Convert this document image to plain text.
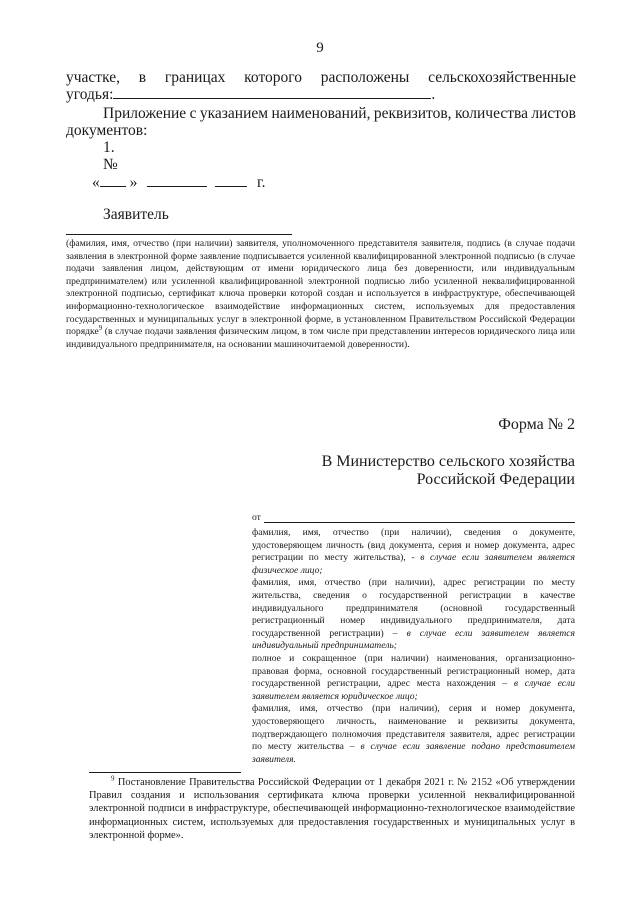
9
участке, в границах которого расположены сельскохозяйственные
угодья:	.
Приложение с указанием наименований, реквизитов, количества листов
документов:
1.
№
« »	г.
Заявитель
(фамилия, имя, отчество (при наличии) заявителя, уполномоченного представителя заявителя, подпись (в случае подачи заявления в электронной форме заявление подписывается усиленной квалифицированной электронной подписью (в случае подачи заявления лицом, действующим от имени юридического лица без доверенности, или индивидуальным предпринимателем) или усиленной квалифицированной электронной подписью либо усиленной неквалифицированной электронной подписью, сертификат ключа проверки которой создан и используется в инфраструктуре, обеспечивающей информационно-технологическое взаимодействие информационных систем, используемых для предоставления государственных и муниципальных услуг в электронной форме, в установленном Правительством Российской Федерации порядке$^9$ (в случае подачи заявления физическим лицом, в том числе при представлении интересов юридического лица или индивидуального предпринимателя, на основании машиночитаемой доверенности).
Форма № 2
В Министерство сельского хозяйства
Российской Федерации
от

фамилия, имя, отчество (при наличии), сведения о документе, удостоверяющем личность (вид документа, серия и номер документа, адрес регистрации по месту жительства), - в случае если заявителем является физическое лицо;

фамилия, имя, отчество (при наличии), адрес регистрации по месту жительства, сведения о государственной регистрации в качестве индивидуального предпринимателя (основной государственный регистрационный номер индивидуального предпринимателя, дата государственной регистрации) – в случае если заявителем является индивидуальный предприниматель;

полное и сокращенное (при наличии) наименования, организационно-правовая форма, основной государственный регистрационный номер, дата государственной регистрации, адрес места нахождения – в случае если заявителем является юридическое лицо;

фамилия, имя, отчество (при наличии), серия и номер документа, удостоверяющего личность, наименование и реквизиты документа, подтверждающего полномочия представителя заявителя, адрес регистрации по месту жительства – в случае если заявление подано представителем заявителя.

$^9$ Постановление Правительства Российской Федерации от 1 декабря 2021 г. № 2152 «Об утверждении Правил создания и использования сертификата ключа проверки усиленной неквалифицированной электронной подписи в инфраструктуре, обеспечивающей информационно-технологическое взаимодействие информационных систем, используемых для предоставления государственных и муниципальных услуг в электронной форме».
